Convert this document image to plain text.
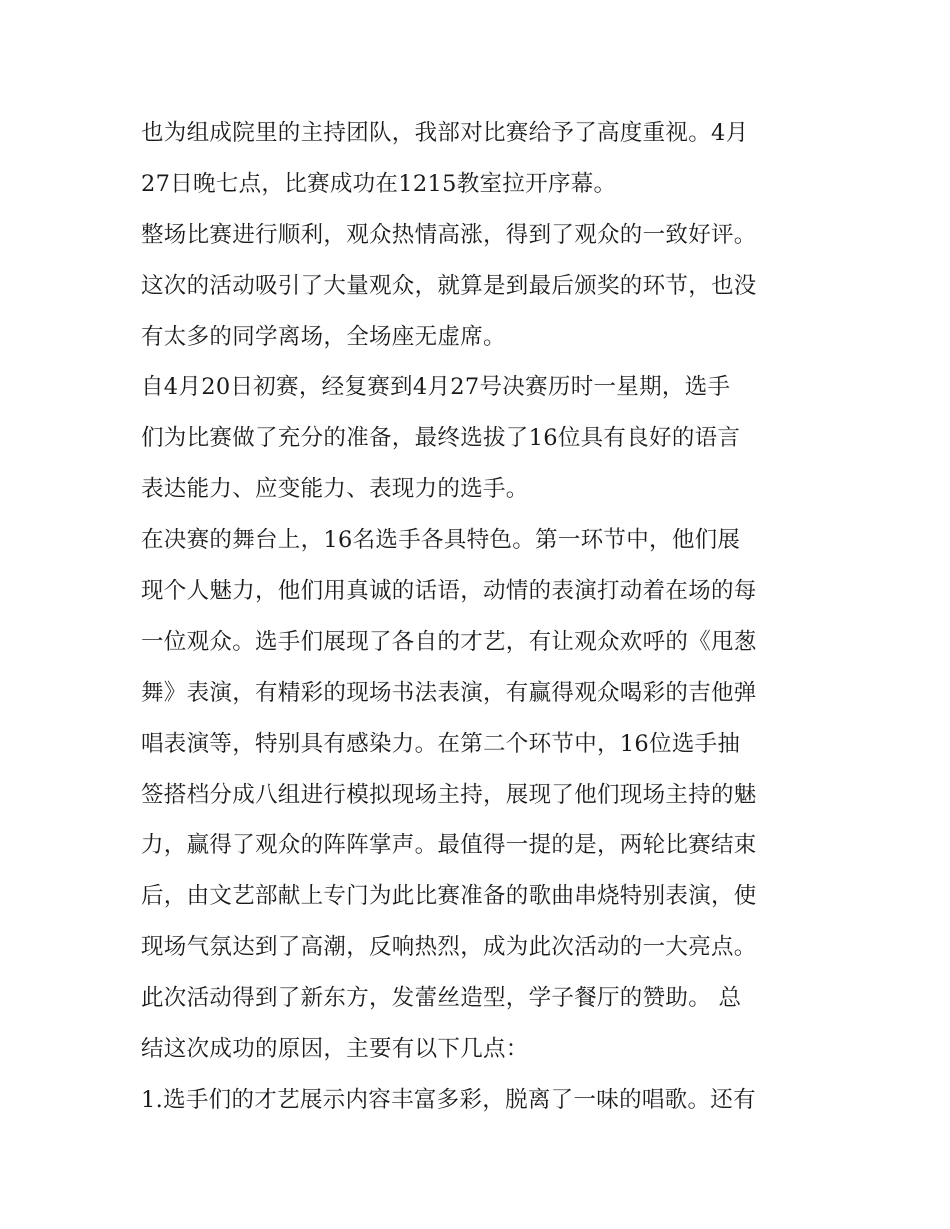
也为组成院里的主持团队，我部对比赛给予了高度重视。4月
27日晚七点，比赛成功在1215教室拉开序幕。
整场比赛进行顺利，观众热情高涨，得到了观众的一致好评。
这次的活动吸引了大量观众，就算是到最后颁奖的环节，也没
有太多的同学离场，全场座无虚席。
自4月20日初赛，经复赛到4月27号决赛历时一星期，选手
们为比赛做了充分的准备，最终选拔了16位具有良好的语言
表达能力、应变能力、表现力的选手。
在决赛的舞台上，16名选手各具特色。第一环节中，他们展
现个人魅力，他们用真诚的话语，动情的表演打动着在场的每
一位观众。选手们展现了各自的才艺，有让观众欢呼的《甩葱
舞》表演，有精彩的现场书法表演，有赢得观众喝彩的吉他弹
唱表演等，特别具有感染力。在第二个环节中，16位选手抽
签搭档分成八组进行模拟现场主持，展现了他们现场主持的魅
力，赢得了观众的阵阵掌声。最值得一提的是，两轮比赛结束
后，由文艺部献上专门为此比赛准备的歌曲串烧特别表演，使
现场气氛达到了高潮，反响热烈，成为此次活动的一大亮点。
此次活动得到了新东方，发蕾丝造型，学子餐厅的赞助。 总
结这次成功的原因，主要有以下几点：
1.选手们的才艺展示内容丰富多彩，脱离了一味的唱歌。还有
